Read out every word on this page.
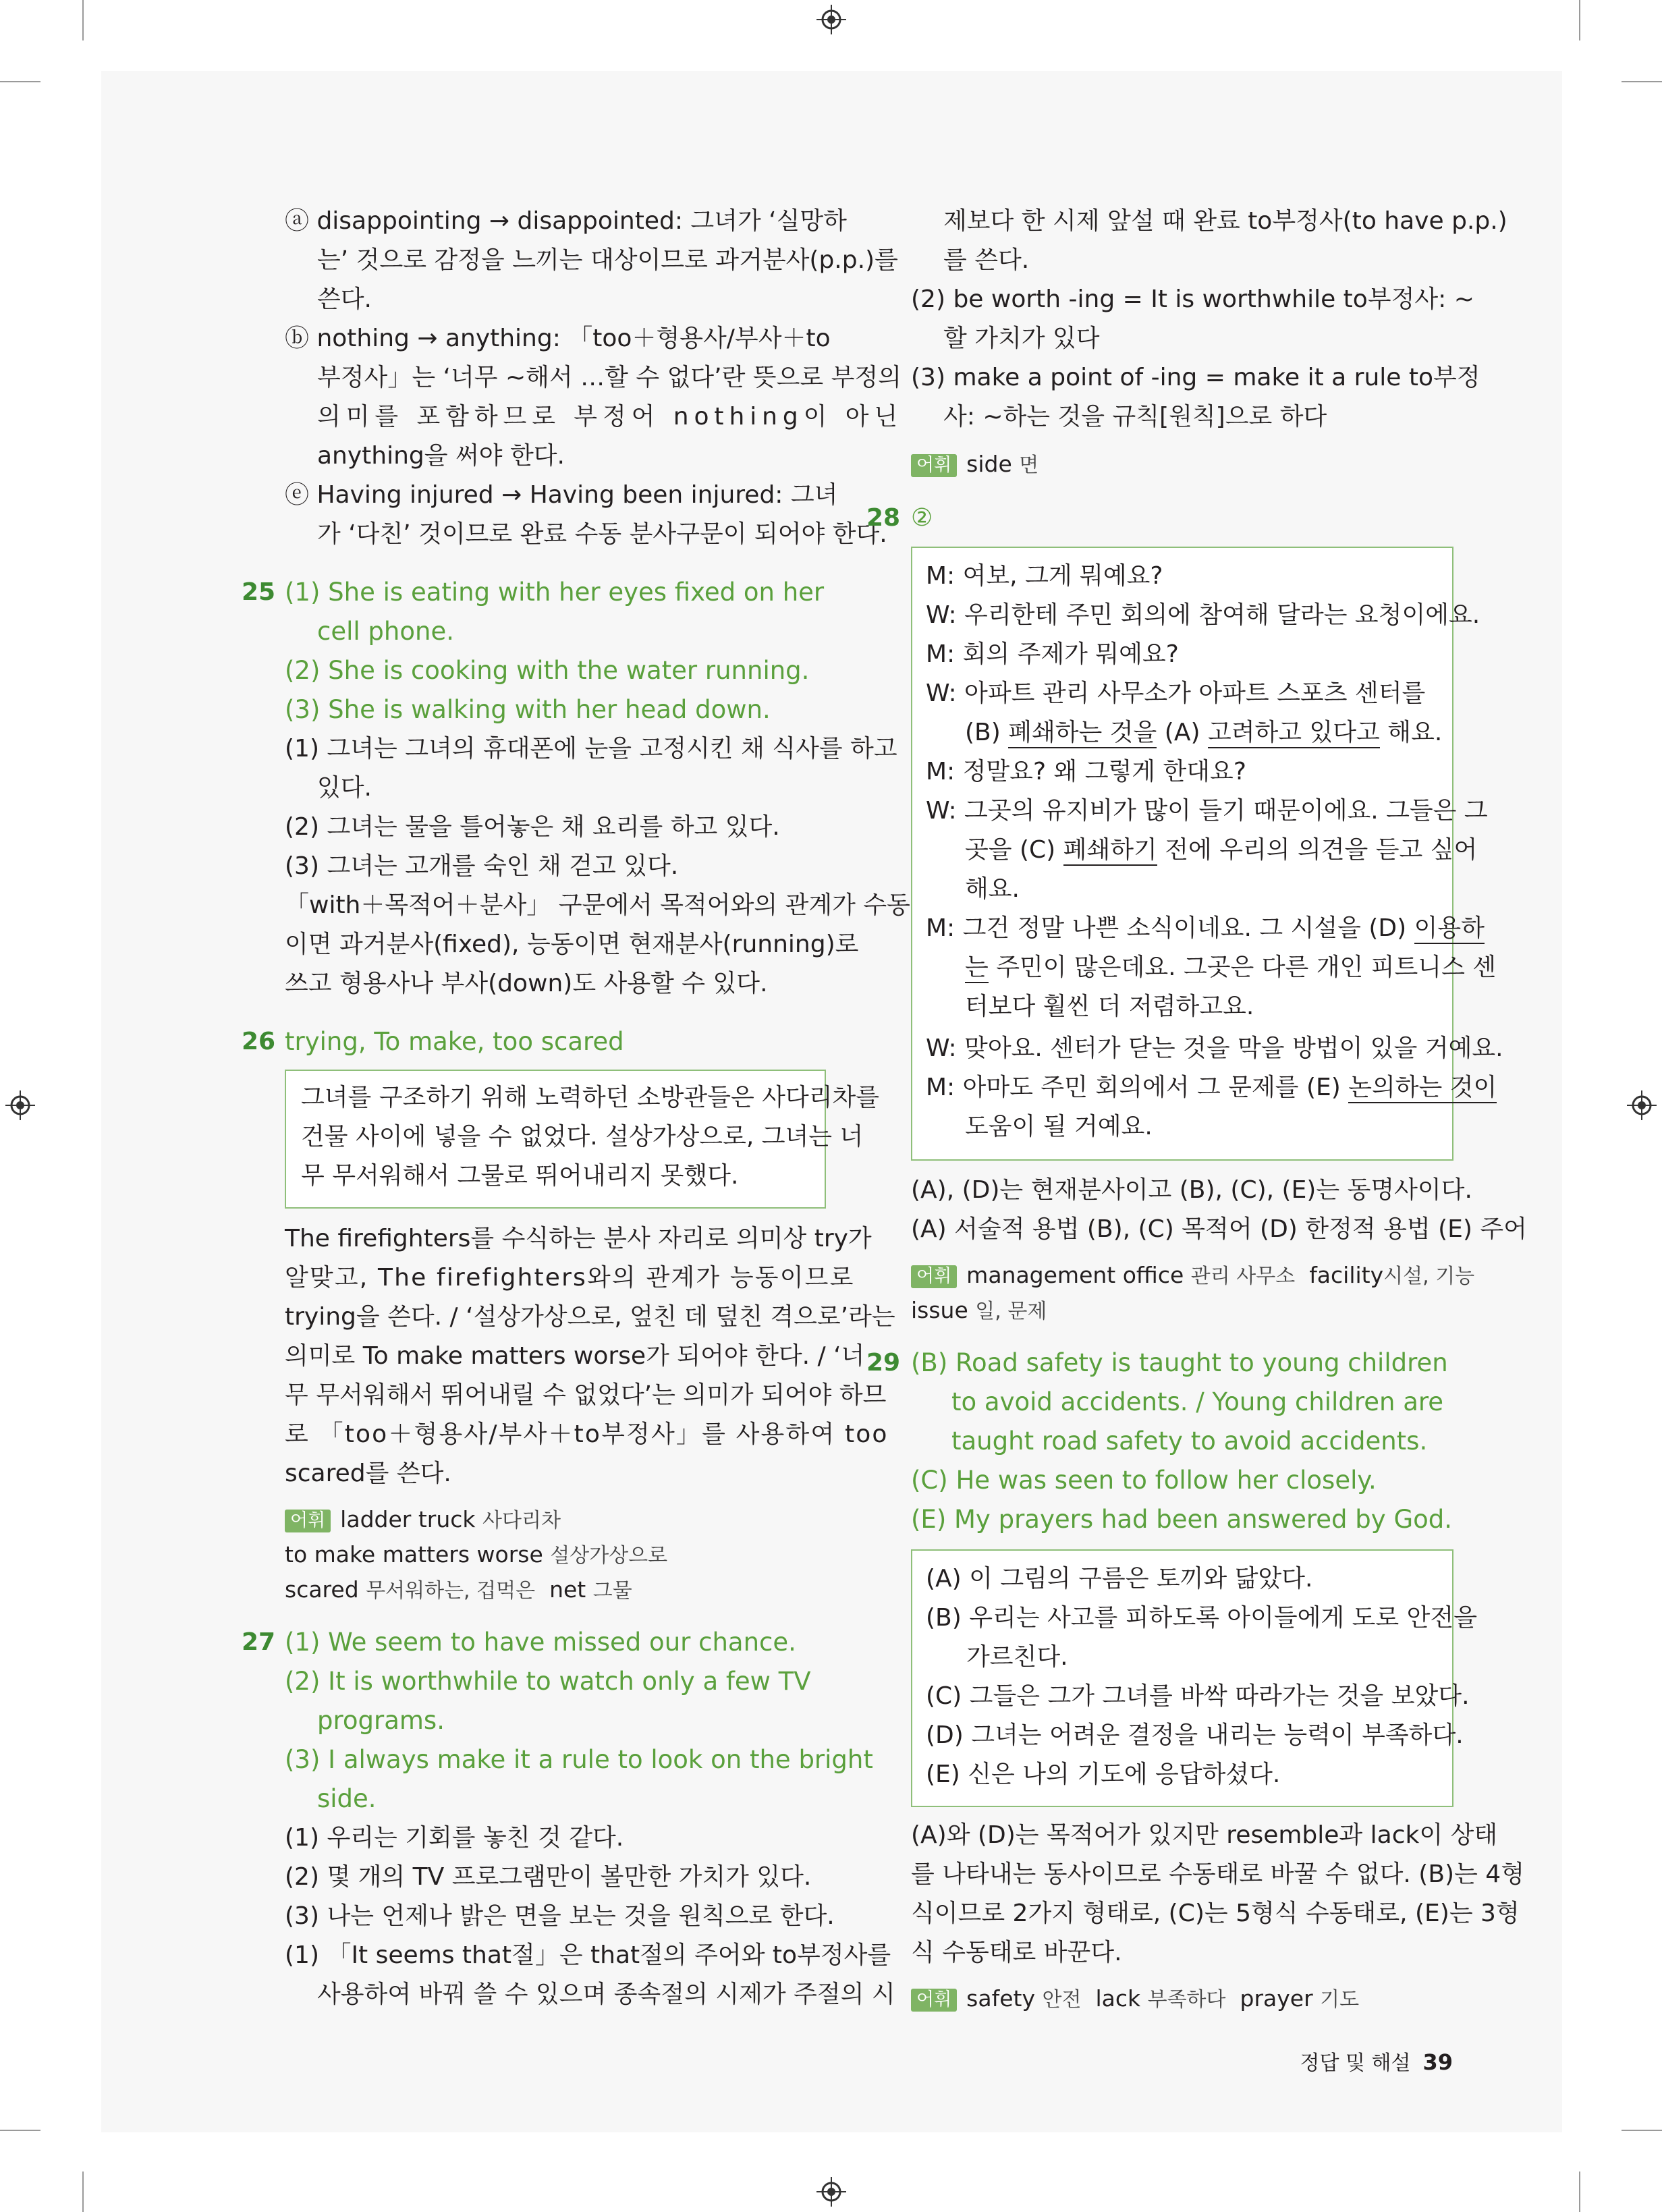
ⓐ disappointing → disappointed: 그녀가 ‘실망하
는’ 것으로 감정을 느끼는 대상이므로 과거분사(p.p.)를
쓴다.
ⓑ nothing → anything: 「too＋형용사/부사＋to
부정사」는 ‘너무 ~해서 …할 수 없다’란 뜻으로 부정의
의미를 포함하므로 부정어 nothing이 아닌
anything을 써야 한다.
ⓔ Having injured → Having been injured: 그녀
가 ‘다친’ 것이므로 완료 수동 분사구문이 되어야 한다.
25 (1) She is eating with her eyes fixed on her
cell phone.
(2) She is cooking with the water running.
(3) She is walking with her head down.
(1) 그녀는 그녀의 휴대폰에 눈을 고정시킨 채 식사를 하고
있다.
(2) 그녀는 물을 틀어놓은 채 요리를 하고 있다.
(3) 그녀는 고개를 숙인 채 걷고 있다.
「with＋목적어＋분사」 구문에서 목적어와의 관계가 수동
이면 과거분사(fixed), 능동이면 현재분사(running)로
쓰고 형용사나 부사(down)도 사용할 수 있다.
26 trying, To make, too scared
그녀를 구조하기 위해 노력하던 소방관들은 사다리차를
건물 사이에 넣을 수 없었다. 설상가상으로, 그녀는 너
무 무서워해서 그물로 뛰어내리지 못했다.
The firefighters를 수식하는 분사 자리로 의미상 try가
알맞고, The firefighters와의 관계가 능동이므로
trying을 쓴다. / ‘설상가상으로, 엎친 데 덮친 격으로’라는
의미로 To make matters worse가 되어야 한다. / ‘너
무 무서워해서 뛰어내릴 수 없었다’는 의미가 되어야 하므
로 「too＋형용사/부사＋to부정사」를 사용하여 too
scared를 쓴다.
어휘 ladder truck 사다리차
to make matters worse 설상가상으로
scared 무서워하는, 겁먹은 net 그물
27 (1) We seem to have missed our chance.
(2) It is worthwhile to watch only a few TV
programs.
(3) I always make it a rule to look on the bright
side.
(1) 우리는 기회를 놓친 것 같다.
(2) 몇 개의 TV 프로그램만이 볼만한 가치가 있다.
(3) 나는 언제나 밝은 면을 보는 것을 원칙으로 한다.
(1) 「It seems that절」은 that절의 주어와 to부정사를
사용하여 바꿔 쓸 수 있으며 종속절의 시제가 주절의 시
제보다 한 시제 앞설 때 완료 to부정사(to have p.p.)
를 쓴다.
(2) be worth -ing = It is worthwhile to부정사: ~
할 가치가 있다
(3) make a point of -ing = make it a rule to부정
사: ~하는 것을 규칙[원칙]으로 하다
어휘 side 면
28 ②
M: 여보, 그게 뭐예요?
W: 우리한테 주민 회의에 참여해 달라는 요청이에요.
M: 회의 주제가 뭐예요?
W: 아파트 관리 사무소가 아파트 스포츠 센터를
(B) 폐쇄하는 것을 (A) 고려하고 있다고 해요.
M: 정말요? 왜 그렇게 한대요?
W: 그곳의 유지비가 많이 들기 때문이에요. 그들은 그
곳을 (C) 폐쇄하기 전에 우리의 의견을 듣고 싶어
해요.
M: 그건 정말 나쁜 소식이네요. 그 시설을 (D) 이용하
는 주민이 많은데요. 그곳은 다른 개인 피트니스 센
터보다 훨씬 더 저렴하고요.
W: 맞아요. 센터가 닫는 것을 막을 방법이 있을 거예요.
M: 아마도 주민 회의에서 그 문제를 (E) 논의하는 것이
도움이 될 거예요.
(A), (D)는 현재분사이고 (B), (C), (E)는 동명사이다.
(A) 서술적 용법 (B), (C) 목적어 (D) 한정적 용법 (E) 주어
어휘 management office 관리 사무소 facility시설, 기능
issue 일, 문제
29 (B) Road safety is taught to young children
to avoid accidents. / Young children are
taught road safety to avoid accidents.
(C) He was seen to follow her closely.
(E) My prayers had been answered by God.
(A) 이 그림의 구름은 토끼와 닮았다.
(B) 우리는 사고를 피하도록 아이들에게 도로 안전을
가르친다.
(C) 그들은 그가 그녀를 바싹 따라가는 것을 보았다.
(D) 그녀는 어려운 결정을 내리는 능력이 부족하다.
(E) 신은 나의 기도에 응답하셨다.
(A)와 (D)는 목적어가 있지만 resemble과 lack이 상태
를 나타내는 동사이므로 수동태로 바꿀 수 없다. (B)는 4형
식이므로 2가지 형태로, (C)는 5형식 수동태로, (E)는 3형
식 수동태로 바꾼다.
어휘 safety 안전 lack 부족하다 prayer 기도
정답 및 해설 39
